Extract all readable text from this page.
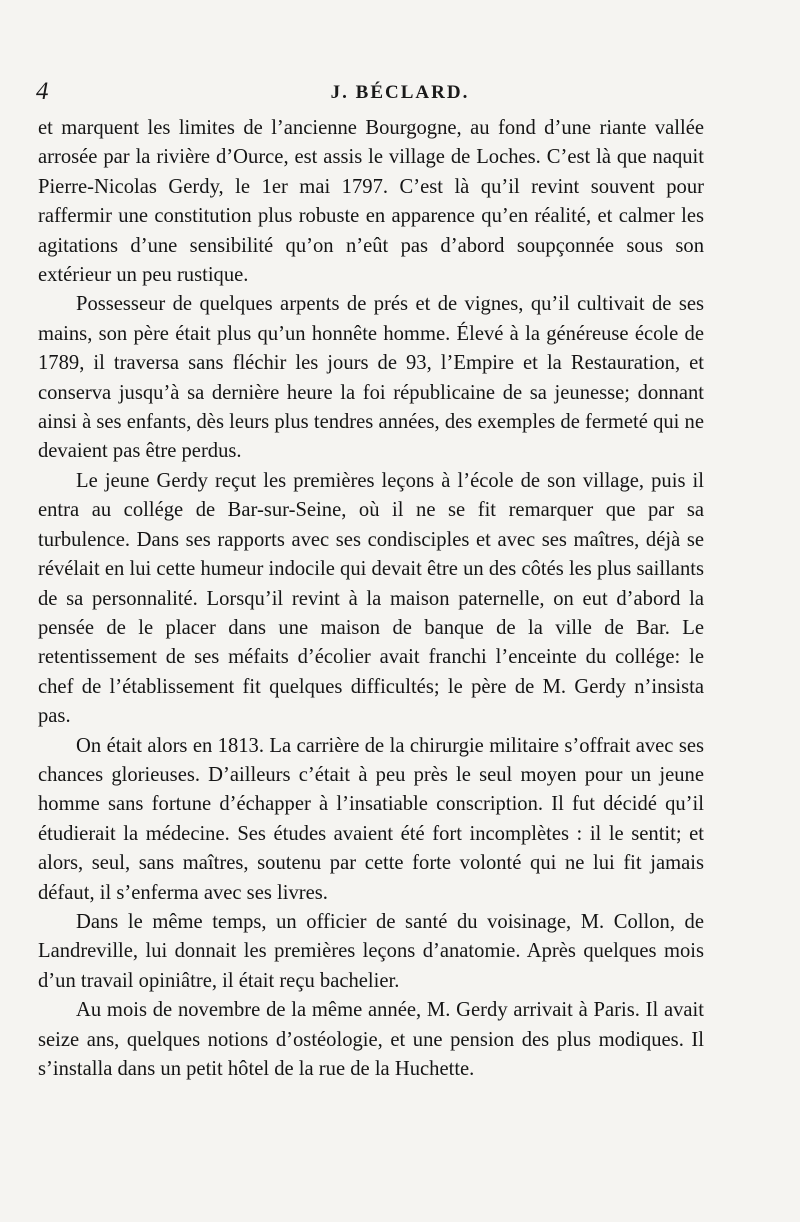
4	J. BÉCLARD.

et marquent les limites de l’ancienne Bourgogne, au fond d’une riante vallée arrosée par la rivière d’Ource, est assis le village de Loches. C’est là que naquit Pierre-Nicolas Gerdy, le 1er mai 1797. C’est là qu’il revint souvent pour raffermir une constitution plus robuste en apparence qu’en réalité, et calmer les agitations d’une sensibilité qu’on n’eût pas d’abord soupçonnée sous son extérieur un peu rustique.

Possesseur de quelques arpents de prés et de vignes, qu’il cultivait de ses mains, son père était plus qu’un honnête homme. Élevé à la généreuse école de 1789, il traversa sans fléchir les jours de 93, l’Empire et la Restauration, et conserva jusqu’à sa dernière heure la foi républicaine de sa jeunesse; donnant ainsi à ses enfants, dès leurs plus tendres années, des exemples de fermeté qui ne devaient pas être perdus.

Le jeune Gerdy reçut les premières leçons à l’école de son village, puis il entra au collége de Bar-sur-Seine, où il ne se fit remarquer que par sa turbulence. Dans ses rapports avec ses condisciples et avec ses maîtres, déjà se révélait en lui cette humeur indocile qui devait être un des côtés les plus saillants de sa personnalité. Lorsqu’il revint à la maison paternelle, on eut d’abord la pensée de le placer dans une maison de banque de la ville de Bar. Le retentissement de ses méfaits d’écolier avait franchi l’enceinte du collége: le chef de l’établissement fit quelques difficultés; le père de M. Gerdy n’insista pas.

On était alors en 1813. La carrière de la chirurgie militaire s’offrait avec ses chances glorieuses. D’ailleurs c’était à peu près le seul moyen pour un jeune homme sans fortune d’échapper à l’insatiable conscription. Il fut décidé qu’il étudierait la médecine. Ses études avaient été fort incomplètes : il le sentit; et alors, seul, sans maîtres, soutenu par cette forte volonté qui ne lui fit jamais défaut, il s’enferma avec ses livres.

Dans le même temps, un officier de santé du voisinage, M. Collon, de Landreville, lui donnait les premières leçons d’anatomie. Après quelques mois d’un travail opiniâtre, il était reçu bachelier.

Au mois de novembre de la même année, M. Gerdy arrivait à Paris. Il avait seize ans, quelques notions d’ostéologie, et une pension des plus modiques. Il s’installa dans un petit hôtel de la rue de la Huchette.
